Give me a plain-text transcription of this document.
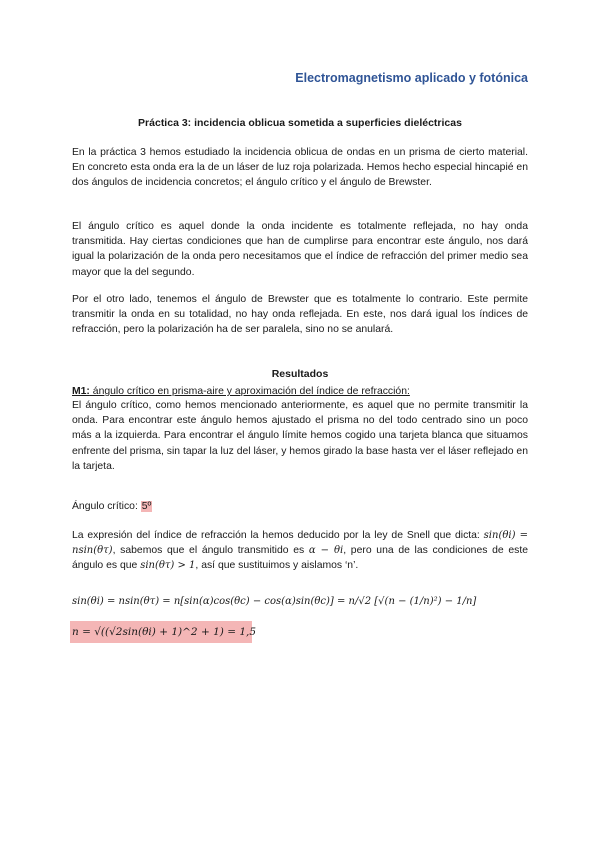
Electromagnetismo aplicado y fotónica
Práctica 3: incidencia oblicua sometida a superficies dieléctricas
En la práctica 3 hemos estudiado la incidencia oblicua de ondas en un prisma de cierto material. En concreto esta onda era la de un láser de luz roja polarizada. Hemos hecho especial hincapié en dos ángulos de incidencia concretos; el ángulo crítico y el ángulo de Brewster.
El ángulo crítico es aquel donde la onda incidente es totalmente reflejada, no hay onda transmitida. Hay ciertas condiciones que han de cumplirse para encontrar este ángulo, nos dará igual la polarización de la onda pero necesitamos que el índice de refracción del primer medio sea mayor que la del segundo.
Por el otro lado, tenemos el ángulo de Brewster que es totalmente lo contrario. Este permite transmitir la onda en su totalidad, no hay onda reflejada. En este, nos dará igual los índices de refracción, pero la polarización ha de ser paralela, sino no se anulará.
Resultados
M1: ángulo crítico en prisma-aire y aproximación del índice de refracción:
El ángulo crítico, como hemos mencionado anteriormente, es aquel que no permite transmitir la onda. Para encontrar este ángulo hemos ajustado el prisma no del todo centrado sino un poco más a la izquierda. Para encontrar el ángulo límite hemos cogido una tarjeta blanca que situamos enfrente del prisma, sin tapar la luz del láser, y hemos girado la base hasta ver el láser reflejado en la tarjeta.
Ángulo crítico: 5º
La expresión del índice de refracción la hemos deducido por la ley de Snell que dicta: sin(θi) = nsin(θτ), sabemos que el ángulo transmitido es α − θi, pero una de las condiciones de este ángulo es que sin(θτ) > 1, así que sustituimos y aislamos ‘n’.
sin(θi) = nsin(θτ) = n[sin(α)cos(θc) − cos(α)sin(θc)] = n/√2 [√(n − (1/n)²) − 1/n]
n = √((√2sin(θi) + 1)^2 + 1) = 1,5
